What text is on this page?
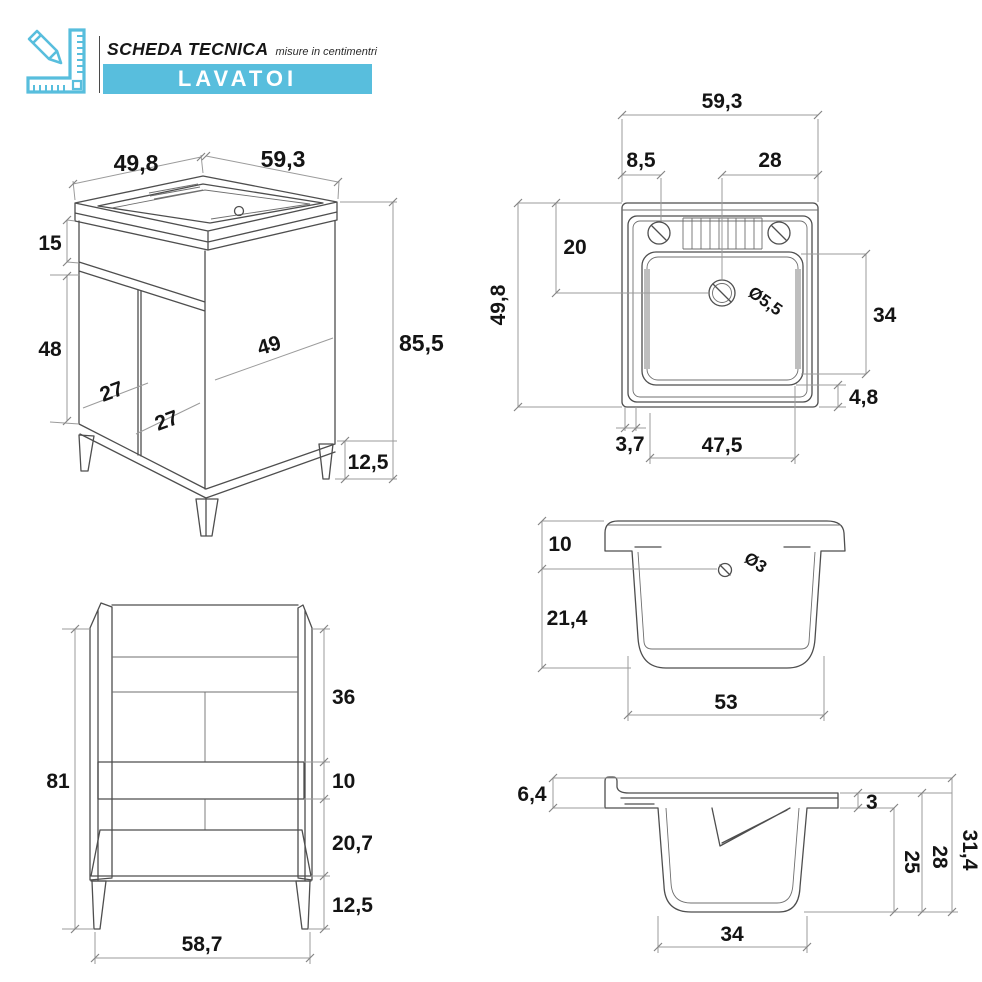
SCHEDA TECNICA misure in centimentri
LAVATOI
49,8	59,3
15
48	49
27
27
85,5
12,5
59,3
8,5	28
20
49,8	Ø5,5	34
4,8
3,7	47,5
10
21,4
Ø3
53
81
36
10
20,7
12,5
58,7
6,4	3
25 28 31,4
34
